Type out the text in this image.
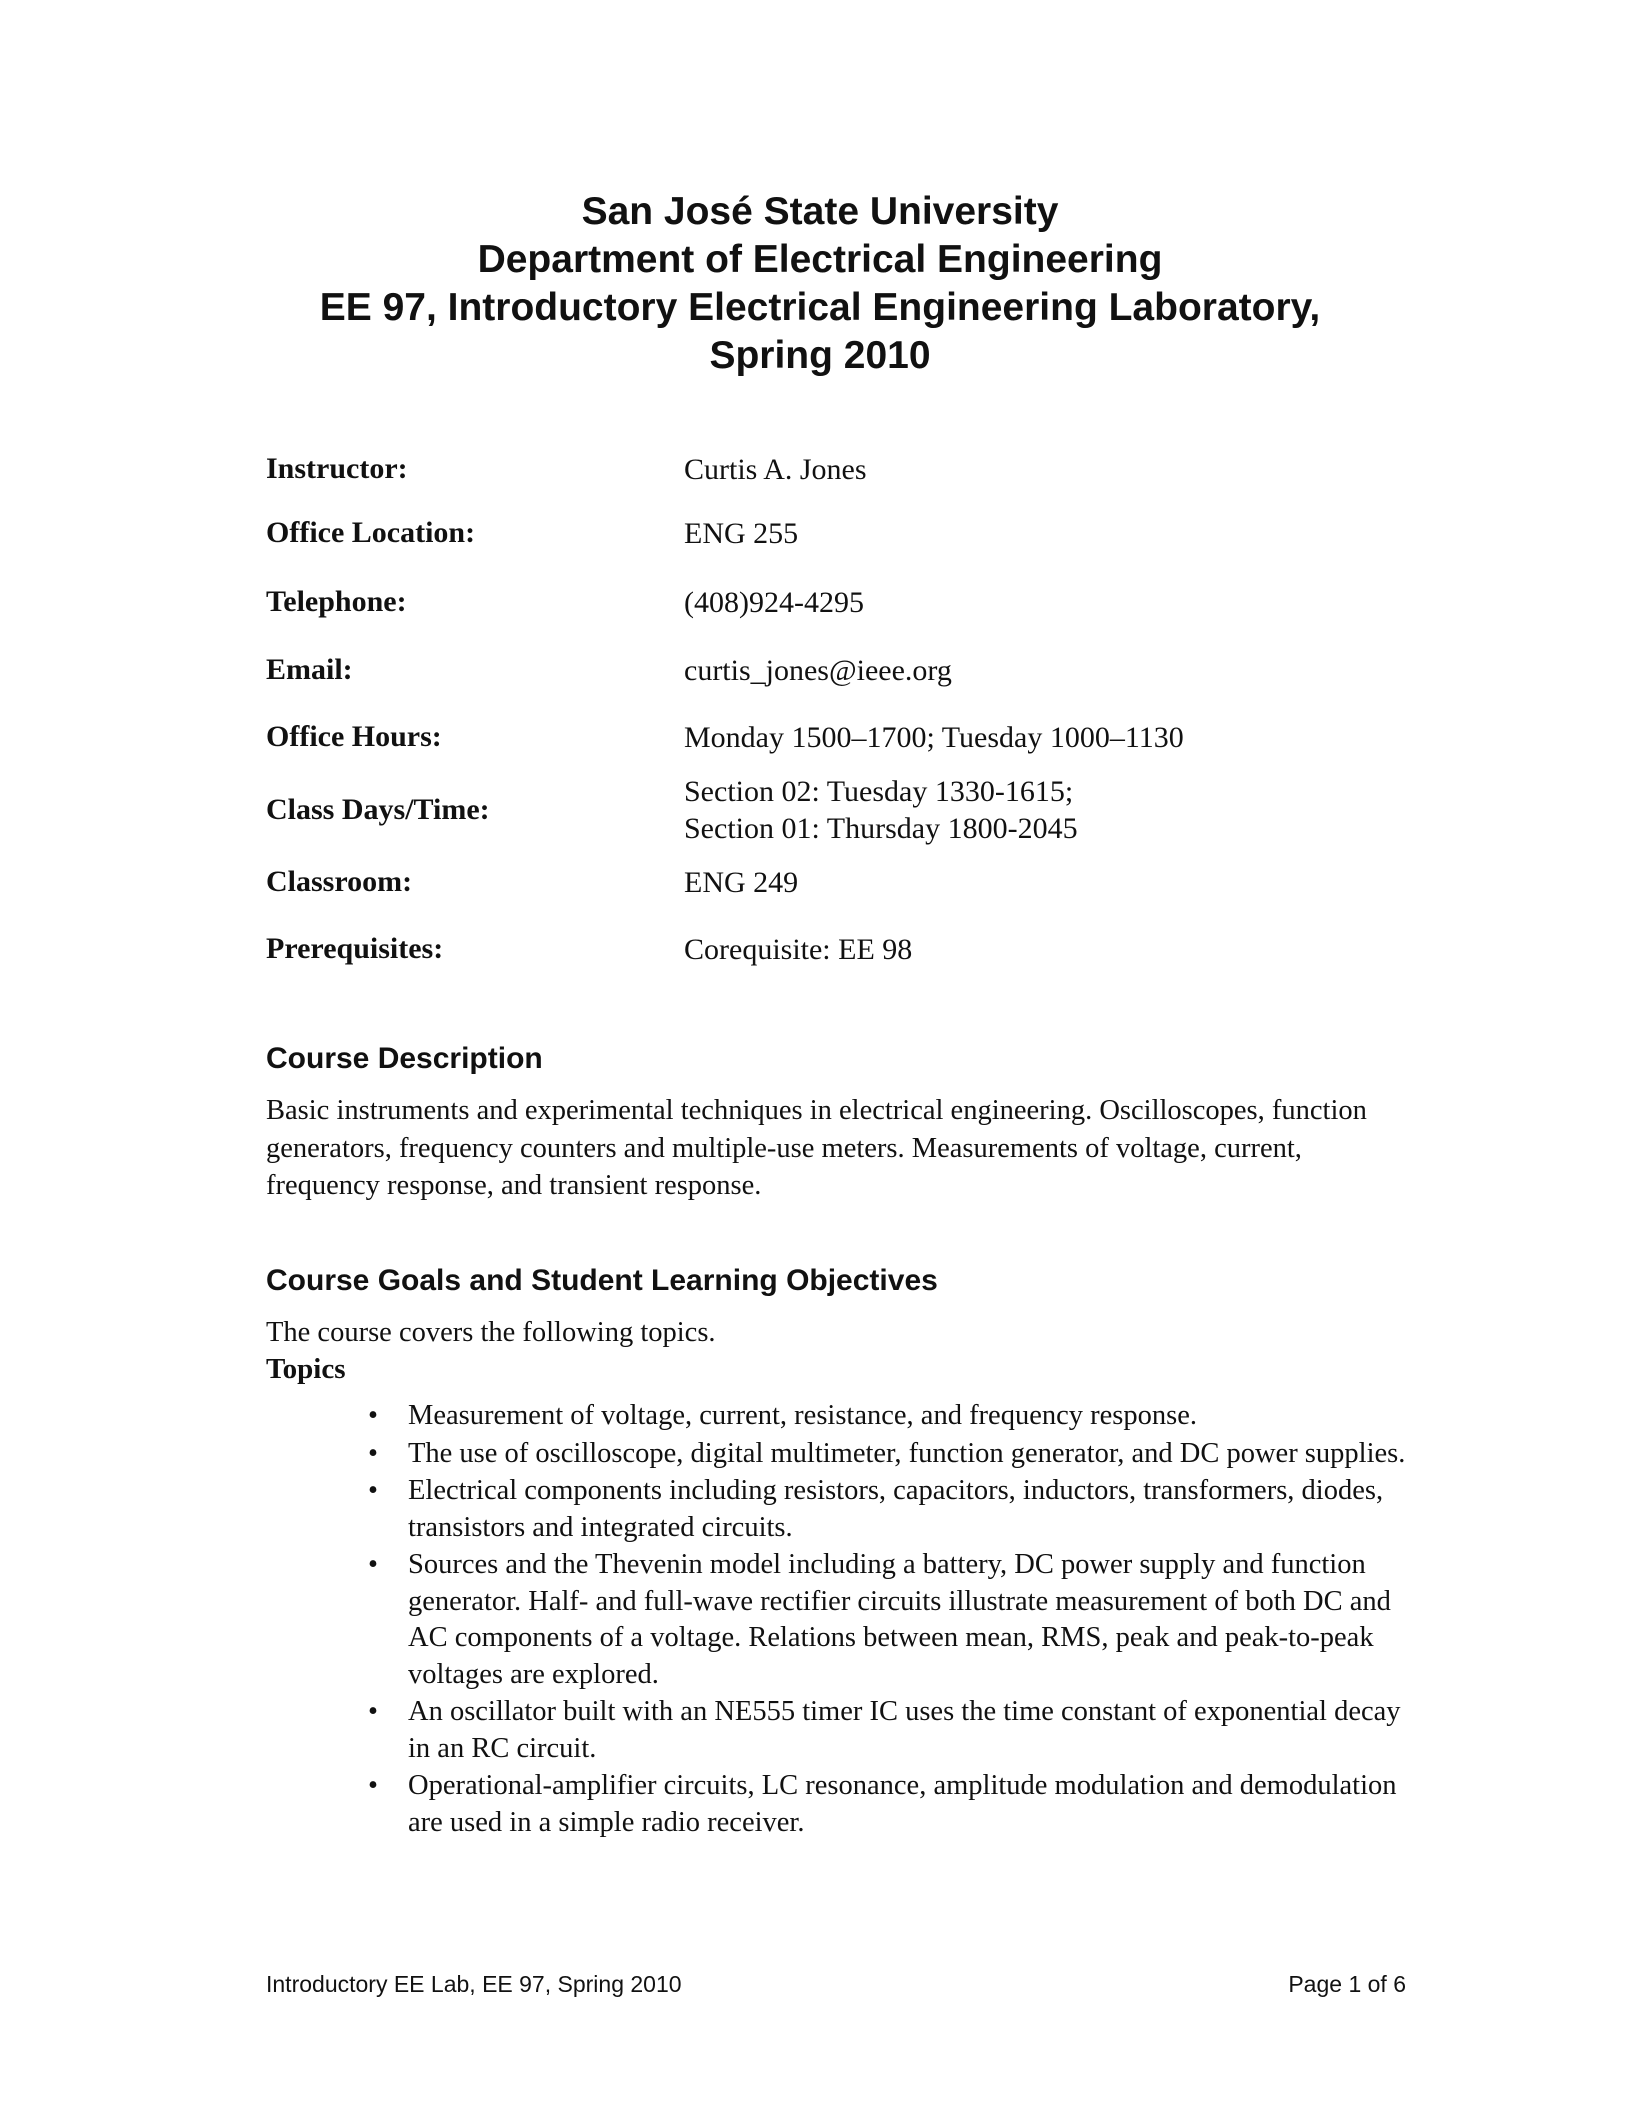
San José State University
Department of Electrical Engineering
EE 97, Introductory Electrical Engineering Laboratory,
Spring 2010
Instructor:	Curtis A. Jones
Office Location:	ENG 255
Telephone:	(408)924-4295
Email:	curtis_jones@ieee.org
Office Hours:	Monday 1500–1700; Tuesday 1000–1130
Class Days/Time:
Section 02: Tuesday 1330-1615;
Section 01: Thursday 1800-2045
Classroom:	ENG 249
Prerequisites:	Corequisite: EE 98
Course Description
Basic instruments and experimental techniques in electrical engineering. Oscilloscopes, function generators, frequency counters and multiple-use meters. Measurements of voltage, current, frequency response, and transient response.
Course Goals and Student Learning Objectives
The course covers the following topics.
Topics
• Measurement of voltage, current, resistance, and frequency response.
• The use of oscilloscope, digital multimeter, function generator, and DC power supplies.
• Electrical components including resistors, capacitors, inductors, transformers, diodes, transistors and integrated circuits.
• Sources and the Thevenin model including a battery, DC power supply and function generator. Half- and full-wave rectifier circuits illustrate measurement of both DC and AC components of a voltage. Relations between mean, RMS, peak and peak-to-peak voltages are explored.
• An oscillator built with an NE555 timer IC uses the time constant of exponential decay in an RC circuit.
• Operational-amplifier circuits, LC resonance, amplitude modulation and demodulation are used in a simple radio receiver.
Introductory EE Lab, EE 97, Spring 2010	Page 1 of 6
